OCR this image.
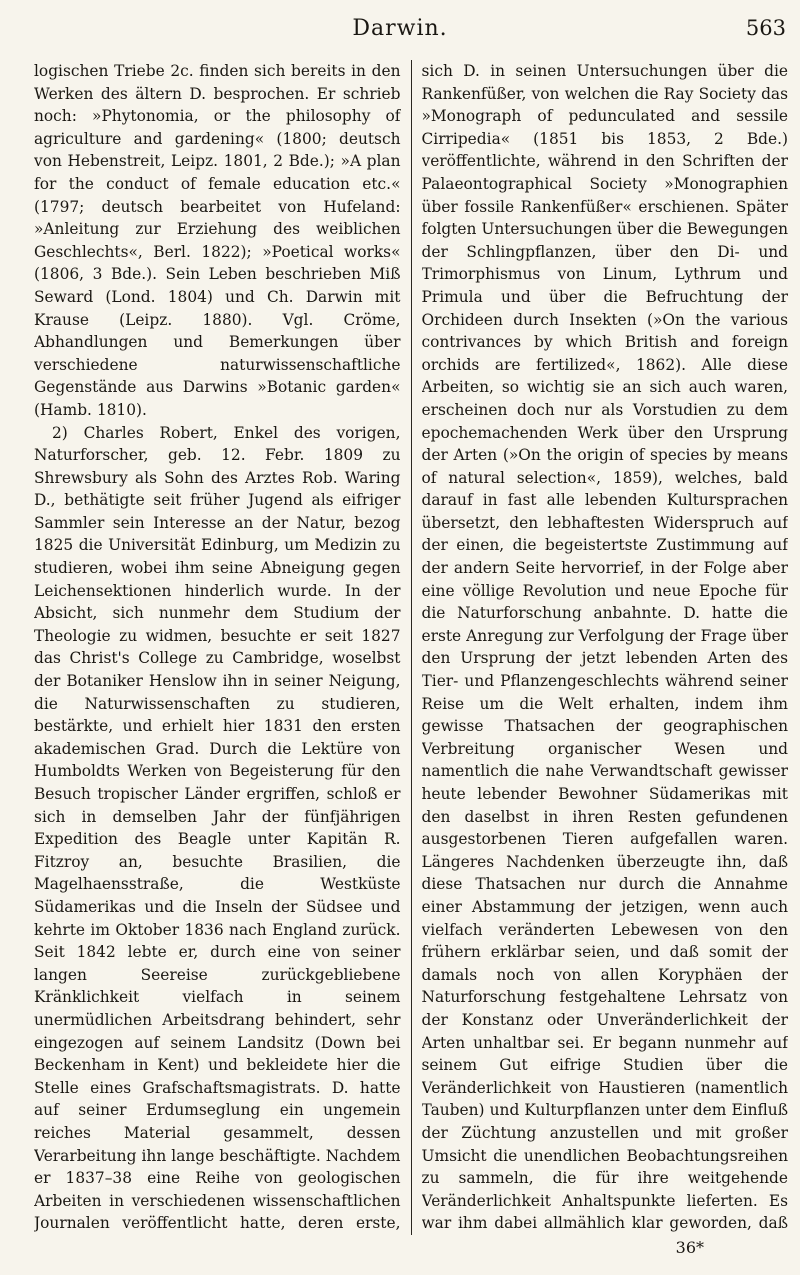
Darwin.	563

logischen Triebe 2c. finden sich bereits in den Werken des ältern D. besprochen. Er schrieb noch: »Phytonomia, or the philosophy of agriculture and gardening« (1800; deutsch von Hebenstreit, Leipz. 1801, 2 Bde.); »A plan for the conduct of female education etc.« (1797; deutsch bearbeitet von Hufeland: »Anleitung zur Erziehung des weiblichen Geschlechts«, Berl. 1822); »Poetical works« (1806, 3 Bde.). Sein Leben beschrieben Miß Seward (Lond. 1804) und Ch. Darwin mit Krause (Leipz. 1880). Vgl. Cröme, Abhandlungen und Bemerkungen über verschiedene naturwissenschaftliche Gegenstände aus Darwins »Botanic garden« (Hamb. 1810).

2) Charles Robert, Enkel des vorigen, Naturforscher, geb. 12. Febr. 1809 zu Shrewsbury als Sohn des Arztes Rob. Waring D., bethätigte seit früher Jugend als eifriger Sammler sein Interesse an der Natur, bezog 1825 die Universität Edinburg, um Medizin zu studieren, wobei ihm seine Abneigung gegen Leichensektionen hinderlich wurde. In der Absicht, sich nunmehr dem Studium der Theologie zu widmen, besuchte er seit 1827 das Christ's College zu Cambridge, woselbst der Botaniker Henslow ihn in seiner Neigung, die Naturwissenschaften zu studieren, bestärkte, und erhielt hier 1831 den ersten akademischen Grad. Durch die Lektüre von Humboldts Werken von Begeisterung für den Besuch tropischer Länder ergriffen, schloß er sich in demselben Jahr der fünfjährigen Expedition des Beagle unter Kapitän R. Fitzroy an, besuchte Brasilien, die Magelhaensstraße, die Westküste Südamerikas und die Inseln der Südsee und kehrte im Oktober 1836 nach England zurück. Seit 1842 lebte er, durch eine von seiner langen Seereise zurückgebliebene Kränklichkeit vielfach in seinem unermüdlichen Arbeitsdrang behindert, sehr eingezogen auf seinem Landsitz (Down bei Beckenham in Kent) und bekleidete hier die Stelle eines Grafschaftsmagistrats. D. hatte auf seiner Erdumseglung ein ungemein reiches Material gesammelt, dessen Verarbeitung ihn lange beschäftigte. Nachdem er 1837–38 eine Reihe von geologischen Arbeiten in verschiedenen wissenschaftlichen Journalen veröffentlicht hatte, deren erste,

sich D. in seinen Untersuchungen über die Rankenfüßer, von welchen die Ray Society das »Monograph of pedunculated and sessile Cirripedia« (1851 bis 1853, 2 Bde.) veröffentlichte, während in den Schriften der Palaeontographical Society »Monographien über fossile Rankenfüßer« erschienen. Später folgten Untersuchungen über die Bewegungen der Schlingpflanzen, über den Di- und Trimorphismus von Linum, Lythrum und Primula und über die Befruchtung der Orchideen durch Insekten (»On the various contrivances by which British and foreign orchids are fertilized«, 1862). Alle diese Arbeiten, so wichtig sie an sich auch waren, erscheinen doch nur als Vorstudien zu dem epochemachenden Werk über den Ursprung der Arten (»On the origin of species by means of natural selection«, 1859), welches, bald darauf in fast alle lebenden Kultursprachen übersetzt, den lebhaftesten Widerspruch auf der einen, die begeistertste Zustimmung auf der andern Seite hervorrief, in der Folge aber eine völlige Revolution und neue Epoche für die Naturforschung anbahnte. D. hatte die erste Anregung zur Verfolgung der Frage über den Ursprung der jetzt lebenden Arten des Tier- und Pflanzengeschlechts während seiner Reise um die Welt erhalten, indem ihm gewisse Thatsachen der geographischen Verbreitung organischer Wesen und namentlich die nahe Verwandtschaft gewisser heute lebender Bewohner Südamerikas mit den daselbst in ihren Resten gefundenen ausgestorbenen Tieren aufgefallen waren. Längeres Nachdenken überzeugte ihn, daß diese Thatsachen nur durch die Annahme einer Abstammung der jetzigen, wenn auch vielfach veränderten Lebewesen von den frühern erklärbar seien, und daß somit der damals noch von allen Koryphäen der Naturforschung festgehaltene Lehrsatz von der Konstanz oder Unveränderlichkeit der Arten unhaltbar sei. Er begann nunmehr auf seinem Gut eifrige Studien über die Veränderlichkeit von Haustieren (namentlich Tauben) und Kulturpflanzen unter dem Einfluß der Züchtung anzustellen und mit großer Umsicht die unendlichen Beobachtungsreihen zu sammeln, die für ihre weitgehende Veränderlichkeit Anhaltspunkte lieferten. Es war ihm dabei allmählich klar geworden, daß

36*
